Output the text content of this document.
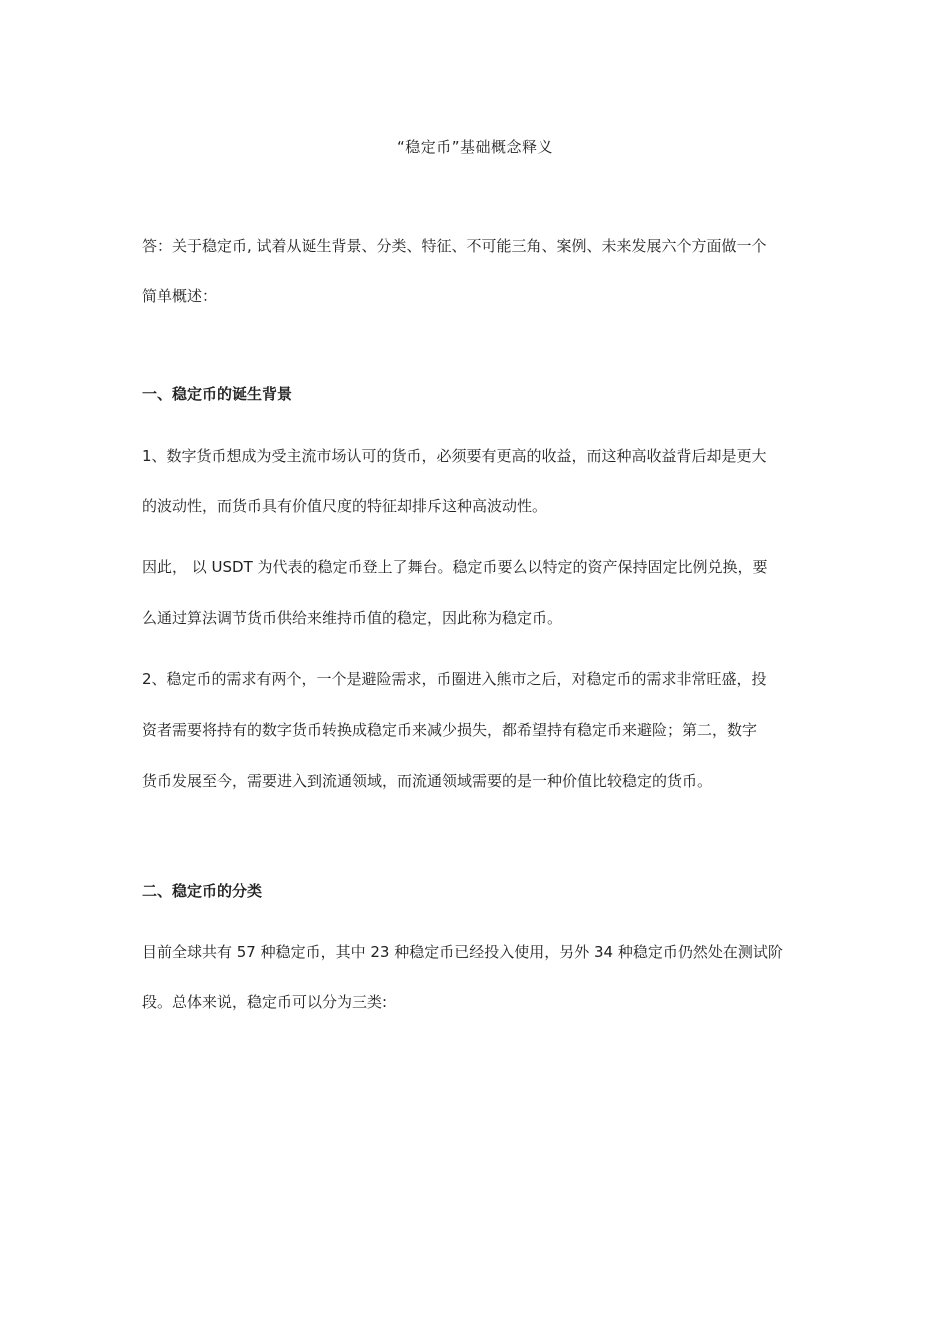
“稳定币”基础概念释义
答：关于稳定币, 试着从诞生背景、分类、特征、不可能三角、案例、未来发展六个方面做一个
简单概述：
一、稳定币的诞生背景
1、数字货币想成为受主流市场认可的货币，必须要有更高的收益，而这种高收益背后却是更大
的波动性，而货币具有价值尺度的特征却排斥这种高波动性。
因此， 以 USDT 为代表的稳定币登上了舞台。稳定币要么以特定的资产保持固定比例兑换，要
么通过算法调节货币供给来维持币值的稳定，因此称为稳定币。
2、稳定币的需求有两个，一个是避险需求，币圈进入熊市之后，对稳定币的需求非常旺盛，投
资者需要将持有的数字货币转换成稳定币来减少损失，都希望持有稳定币来避险；第二，数字
货币发展至今，需要进入到流通领域，而流通领域需要的是一种价值比较稳定的货币。
二、稳定币的分类
目前全球共有 57 种稳定币，其中 23 种稳定币已经投入使用，另外 34 种稳定币仍然处在测试阶
段。总体来说，稳定币可以分为三类:
